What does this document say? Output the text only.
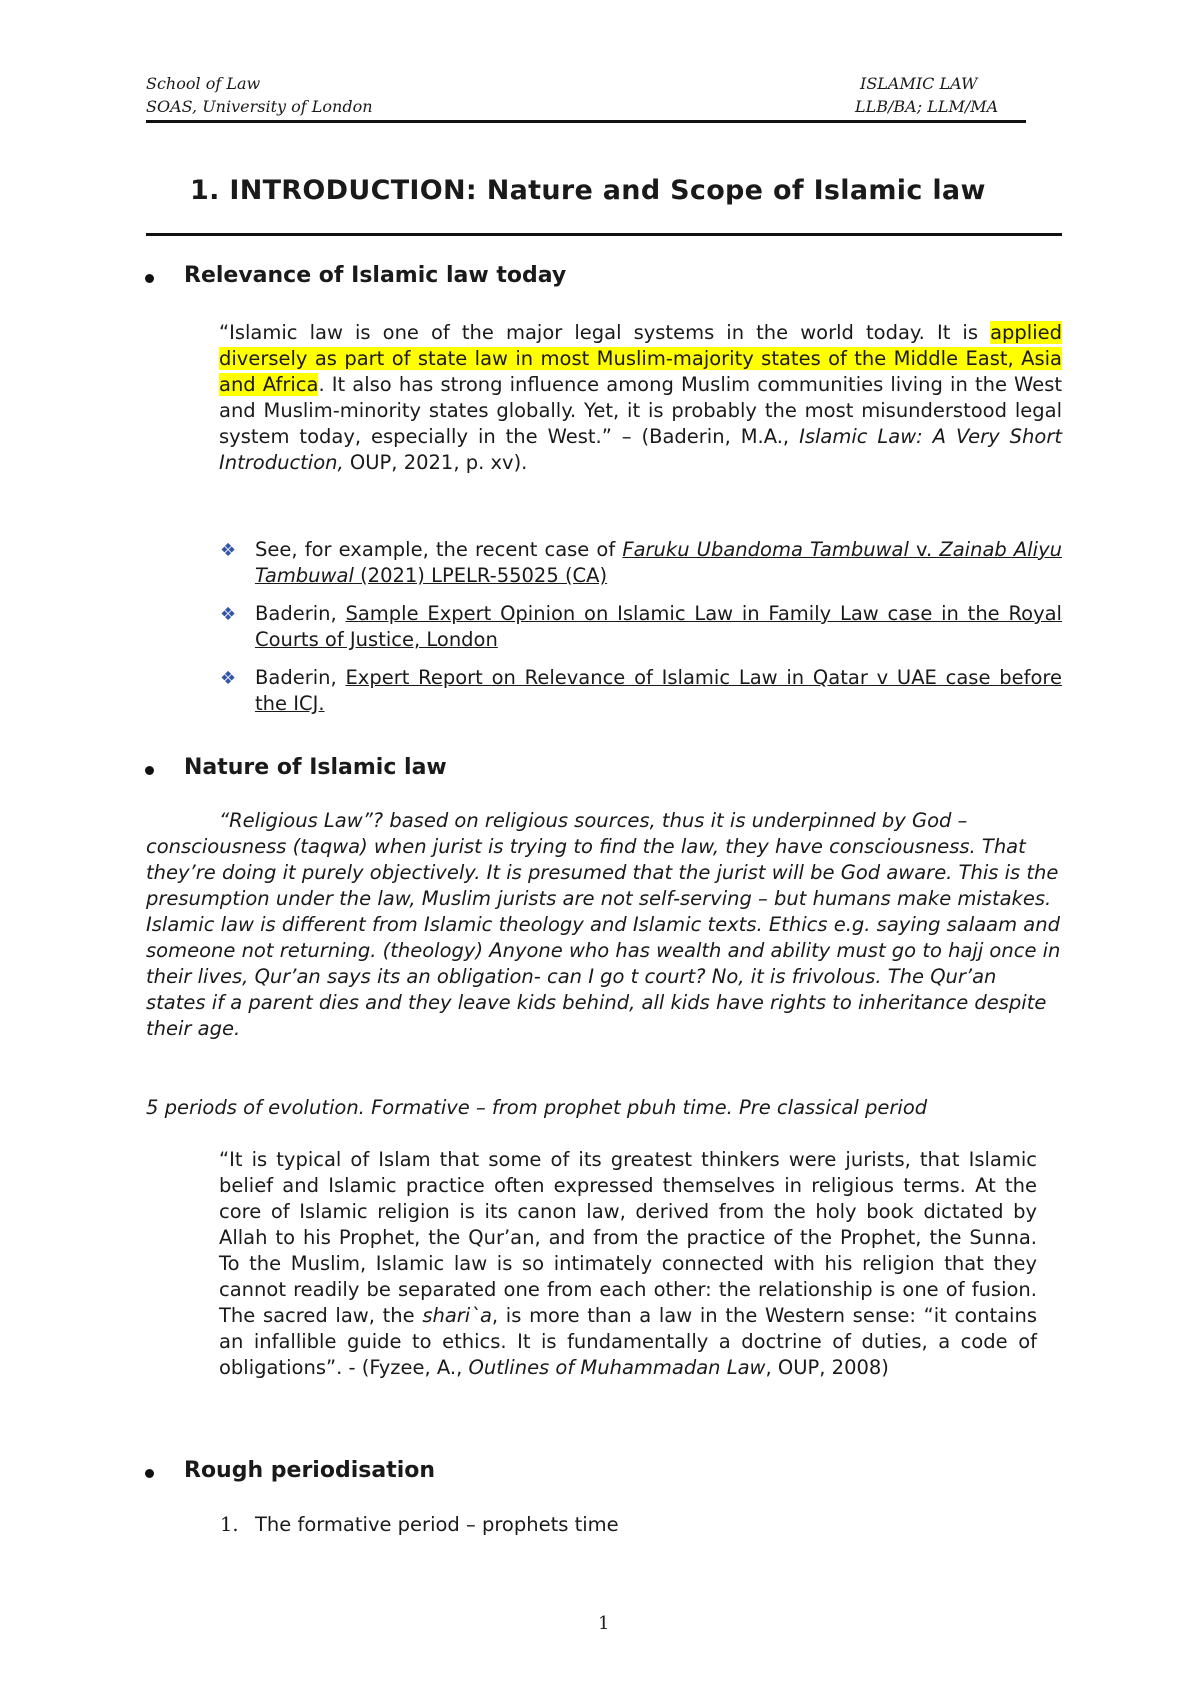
School of Law
SOAS, University of London
ISLAMIC LAW
LLB/BA; LLM/MA
1. INTRODUCTION: Nature and Scope of Islamic law
Relevance of Islamic law today
“Islamic law is one of the major legal systems in the world today. It is applied diversely as part of state law in most Muslim-majority states of the Middle East, Asia and Africa. It also has strong influence among Muslim communities living in the West and Muslim-minority states globally. Yet, it is probably the most misunderstood legal system today, especially in the West.” – (Baderin, M.A., Islamic Law: A Very Short Introduction, OUP, 2021, p. xv).
❖ See, for example, the recent case of Faruku Ubandoma Tambuwal v. Zainab Aliyu Tambuwal (2021) LPELR-55025 (CA)
❖ Baderin, Sample Expert Opinion on Islamic Law in Family Law case in the Royal Courts of Justice, London
❖ Baderin, Expert Report on Relevance of Islamic Law in Qatar v UAE case before the ICJ.
Nature of Islamic law
“Religious Law”? based on religious sources, thus it is underpinned by God – consciousness (taqwa) when jurist is trying to find the law, they have consciousness. That they’re doing it purely objectively. It is presumed that the jurist will be God aware. This is the presumption under the law, Muslim jurists are not self-serving – but humans make mistakes. Islamic law is different from Islamic theology and Islamic texts. Ethics e.g. saying salaam and someone not returning. (theology) Anyone who has wealth and ability must go to hajj once in their lives, Qur’an says its an obligation- can I go t court? No, it is frivolous. The Qur’an states if a parent dies and they leave kids behind, all kids have rights to inheritance despite their age.
5 periods of evolution. Formative – from prophet pbuh time. Pre classical period
“It is typical of Islam that some of its greatest thinkers were jurists, that Islamic belief and Islamic practice often expressed themselves in religious terms. At the core of Islamic religion is its canon law, derived from the holy book dictated by Allah to his Prophet, the Qur’an, and from the practice of the Prophet, the Sunna. To the Muslim, Islamic law is so intimately connected with his religion that they cannot readily be separated one from each other: the relationship is one of fusion. The sacred law, the shari`a, is more than a law in the Western sense: “it contains an infallible guide to ethics. It is fundamentally a doctrine of duties, a code of obligations”. - (Fyzee, A., Outlines of Muhammadan Law, OUP, 2008)
Rough periodisation
1. The formative period – prophets time
1
